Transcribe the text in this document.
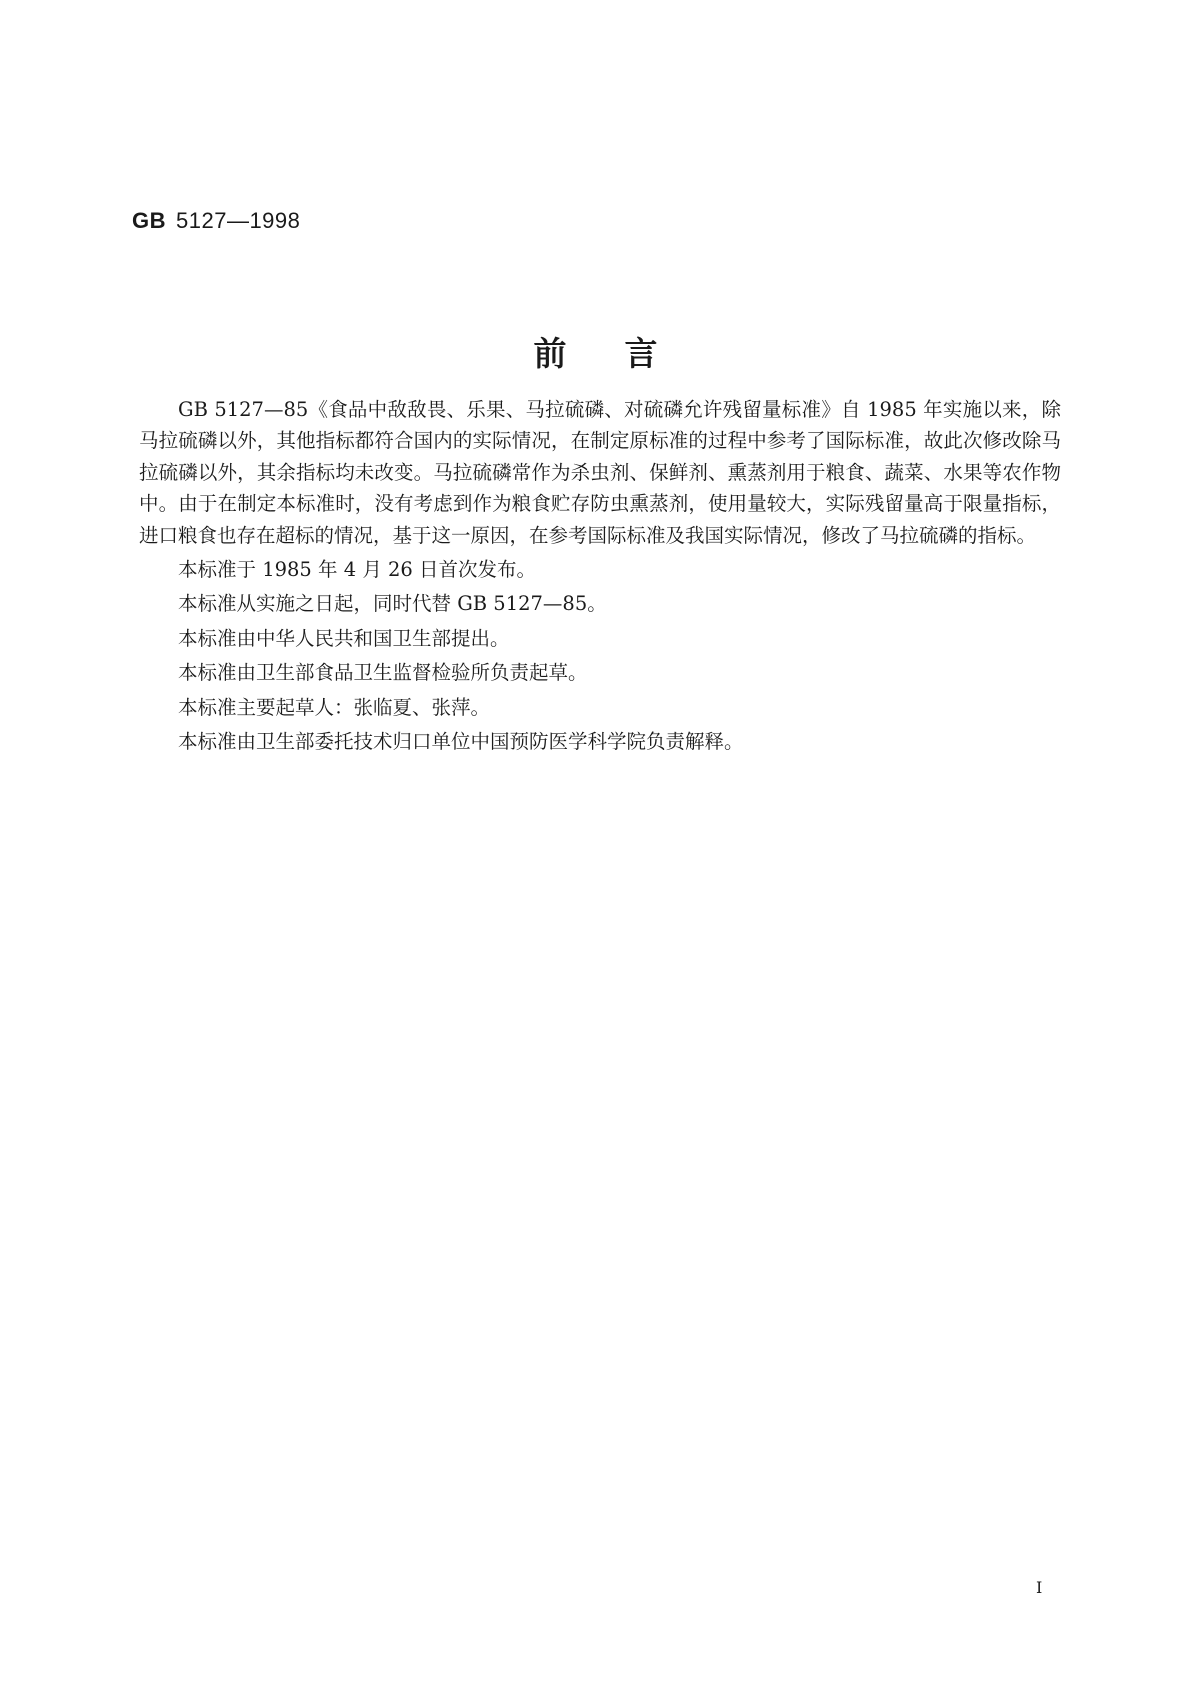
GB 5127—1998
前言

GB 5127—85《食品中敌敌畏、乐果、马拉硫磷、对硫磷允许残留量标准》自 1985 年实施以来，除马拉硫磷以外，其他指标都符合国内的实际情况，在制定原标准的过程中参考了国际标准，故此次修改除马拉硫磷以外，其余指标均未改变。马拉硫磷常作为杀虫剂、保鲜剂、熏蒸剂用于粮食、蔬菜、水果等农作物中。由于在制定本标准时，没有考虑到作为粮食贮存防虫熏蒸剂，使用量较大，实际残留量高于限量指标，进口粮食也存在超标的情况，基于这一原因，在参考国际标准及我国实际情况，修改了马拉硫磷的指标。

本标准于 1985 年 4 月 26 日首次发布。

本标准从实施之日起，同时代替 GB 5127—85。

本标准由中华人民共和国卫生部提出。

本标准由卫生部食品卫生监督检验所负责起草。

本标准主要起草人：张临夏、张萍。

本标准由卫生部委托技术归口单位中国预防医学科学院负责解释。

I
